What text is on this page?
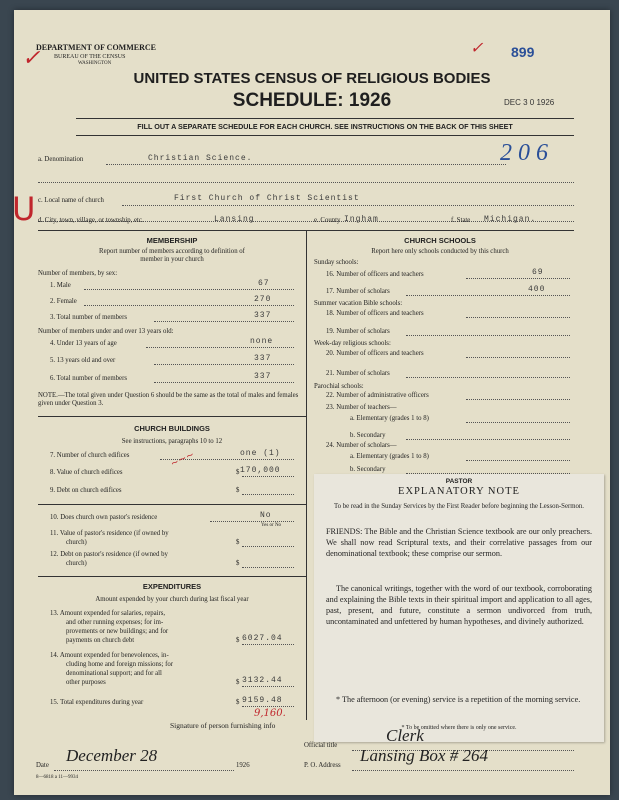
DEPARTMENT OF COMMERCE
BUREAU OF THE CENSUS
WASHINGTON
✓	✓ 899
UNITED STATES CENSUS OF RELIGIOUS BODIES
SCHEDULE: 1926	DEC 3 0 1926
FILL OUT A SEPARATE SCHEDULE FOR EACH CHURCH. SEE INSTRUCTIONS ON THE BACK OF THIS SHEET
a. Denomination	Christian Science.	206
U c. Local name of church	First Church of Christ Scientist
d. City, town, village, or township, etc.	Lansing	e. County Ingham	f. State Michigan.
MEMBERSHIP
Report number of members according to definition of
member in your church
Number of members, by sex:
1. Male	67
2. Female	270
3. Total number of members	337
Number of members under and over 13 years old:
4. Under 13 years of age	none
5. 13 years old and over	337
6. Total number of members	337
NOTE.—The total given under Question 6 should be the same as the total of males and females given under Question 3.
CHURCH BUILDINGS
See instructions, paragraphs 10 to 12
7. Number of church edifices	one (1)
8. Value of church edifices	$ 170,000
~~~
9. Debt on church edifices	$
10. Does church own pastor's residence	No
Yes or No
11. Value of pastor's residence (if owned by
church)	$
12. Debt on pastor's residence (if owned by
church)	$
EXPENDITURES
Amount expended by your church during last fiscal year
13. Amount expended for salaries, repairs,
and other running expenses; for im-
provements or new buildings; and for
payments on church debt	$ 6027.04
14. Amount expended for benevolences, in-
cluding home and foreign missions; for
denominational support; and for all
other purposes	$ 3132.44
15. Total expenditures during year	$ 9159.48
9,160.
CHURCH SCHOOLS
Report here only schools conducted by this church
Sunday schools:
16. Number of officers and teachers	69
17. Number of scholars	400
Summer vacation Bible schools:
18. Number of officers and teachers
19. Number of scholars
Week-day religious schools:
20. Number of officers and teachers
21. Number of scholars
Parochial schools:
22. Number of administrative officers
23. Number of teachers—
a. Elementary (grades 1 to 8)
b. Secondary
24. Number of scholars—
a. Elementary (grades 1 to 8)
b. Secondary
PASTOR
EXPLANATORY NOTE

To be read in the Sunday Services by the First Reader before beginning the Lesson-Sermon.

FRIENDS: The Bible and the Christian Science textbook are our only preachers. We shall now read Scriptural texts, and their correlative passages from our denominational textbook; these comprise our sermon.

The canonical writings, together with the word of our textbook, corroborating and explaining the Bible texts in their spiritual import and application to all ages, past, present, and future, constitute a sermon undivorced from truth, uncontaminated and unfettered by human hypotheses, and divinely authorized.

* The afternoon (or evening) service is a repetition of the morning service.

* To be omitted where there is only one service.
Signature of person furnishing info
Official title
Clerk
Date
December 28
1926	P. O. Address
Lansing Box # 264
8—6818 a 11—9934
